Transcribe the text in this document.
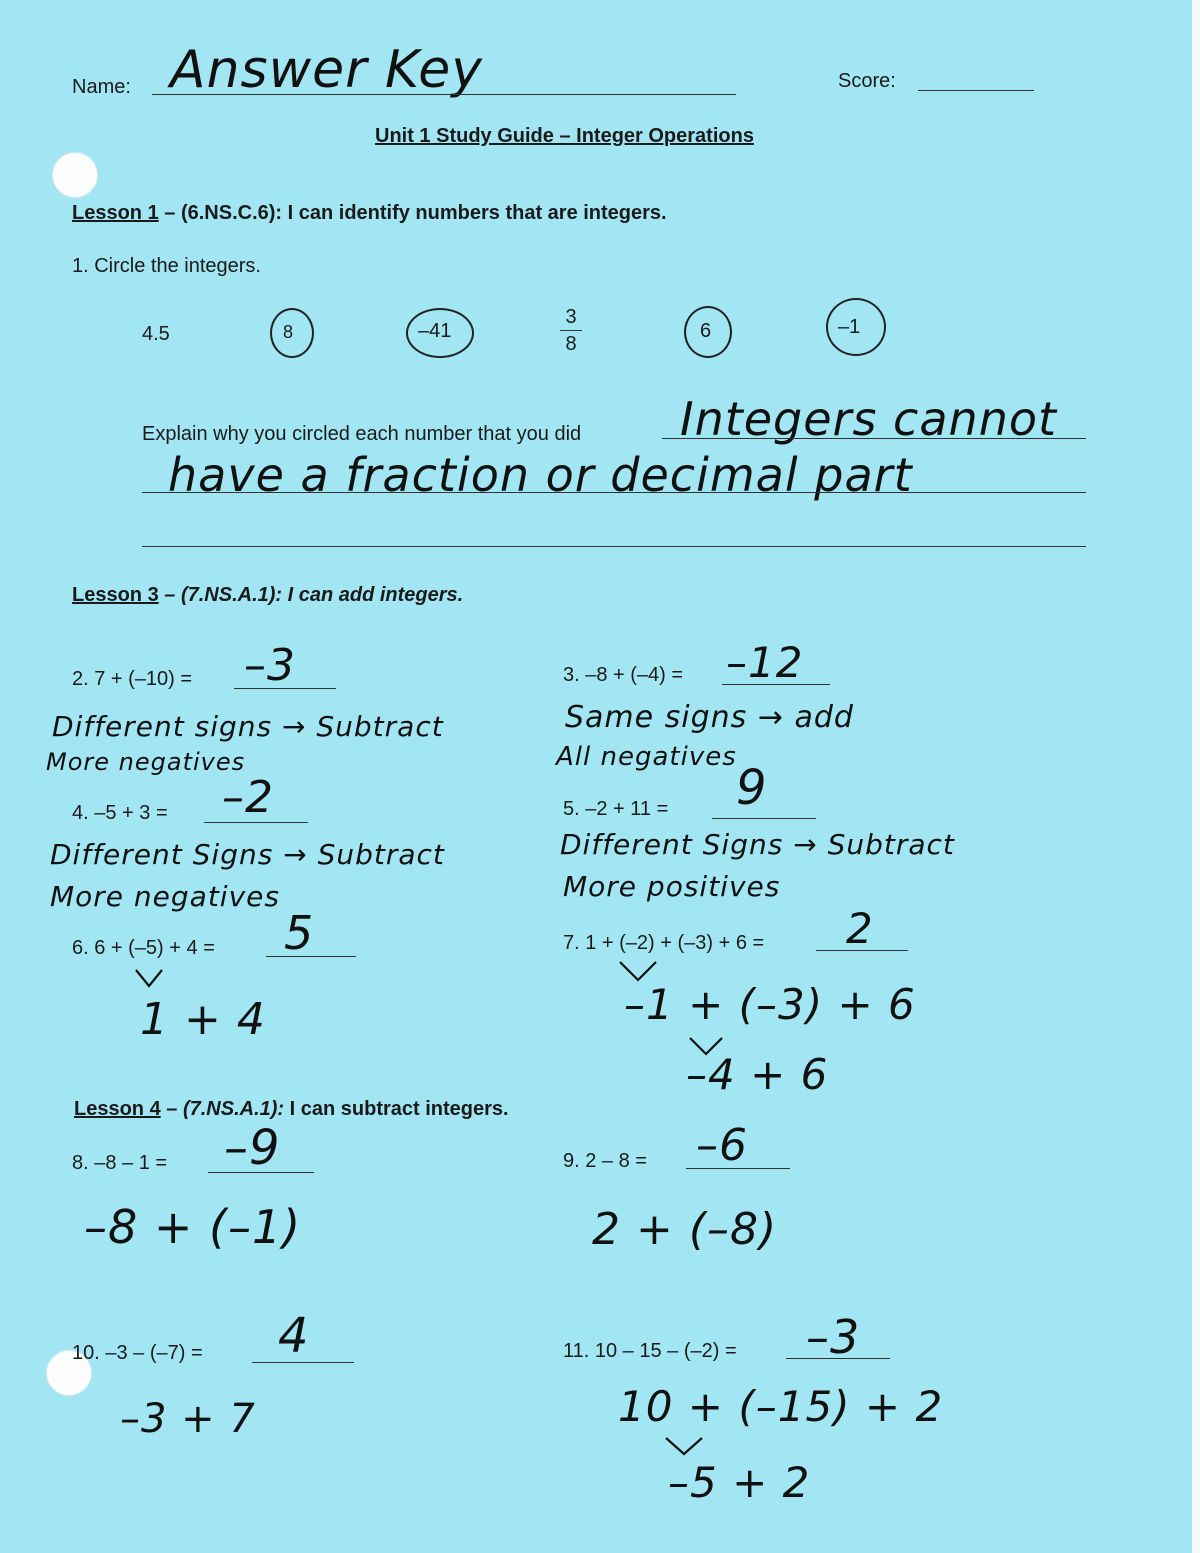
Name: Answer Key	Score:
Unit 1 Study Guide – Integer Operations
Lesson 1 – (6.NS.C.6): I can identify numbers that are integers.
1. Circle the integers.
4.5	8	–41
3
8
6	–1
Explain why you circled each number that you did Integers cannot
have a fraction or decimal part
Lesson 3 – (7.NS.A.1): I can add integers.
2. 7 + (–10) = –3
Different signs → Subtract
More negatives
3. –8 + (–4) = –12
Same signs → add
All negatives
4. –5 + 3 = –2
Different Signs → Subtract
More negatives
5. –2 + 11 = 9
Different Signs → Subtract
More positives
6. 6 + (–5) + 4 = 5
1 + 4
7. 1 + (–2) + (–3) + 6 = 2
–1 + (–3) + 6
–4 + 6
Lesson 4 – (7.NS.A.1): I can subtract integers.
8. –8 – 1 = –9
–8 + (–1)
9. 2 – 8 = –6
2 + (–8)
10. –3 – (–7) = 4
–3 + 7
11. 10 – 15 – (–2) = –3
10 + (–15) + 2
–5 + 2
